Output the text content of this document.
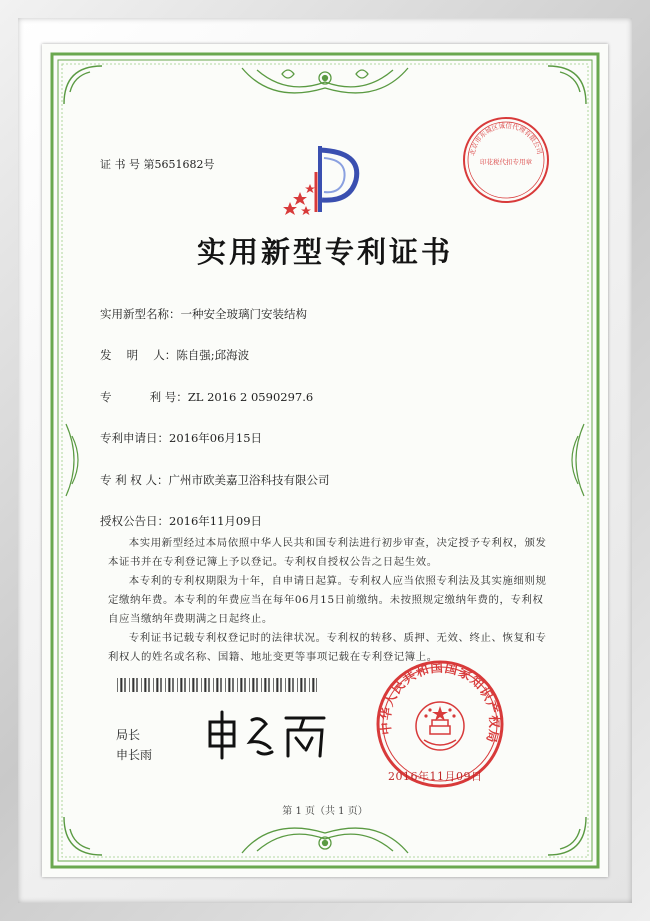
北京市东城区诚信代理有限公司
印花税代扣专用章
证 书 号 第5651682号
实用新型专利证书
实用新型名称：一种安全玻璃门安装结构
发　 明　 人：陈自强;邱海波
专　　　 利 号：ZL 2016 2 0590297.6
专利申请日：2016年06月15日
专 利 权 人：广州市欧美嘉卫浴科技有限公司
授权公告日：2016年11月09日
本实用新型经过本局依照中华人民共和国专利法进行初步审查，决定授予专利权，颁发本证书并在专利登记簿上予以登记。专利权自授权公告之日起生效。
本专利的专利权期限为十年，自申请日起算。专利权人应当依照专利法及其实施细则规定缴纳年费。本专利的年费应当在每年06月15日前缴纳。未按照规定缴纳年费的，专利权自应当缴纳年费期满之日起终止。
专利证书记载专利权登记时的法律状况。专利权的转移、质押、无效、终止、恢复和专利权人的姓名或名称、国籍、地址变更等事项记载在专利登记簿上。
局长
申长雨
中华人民共和国国家知识产权局
2016年11月09日
第 1 页（共 1 页）
